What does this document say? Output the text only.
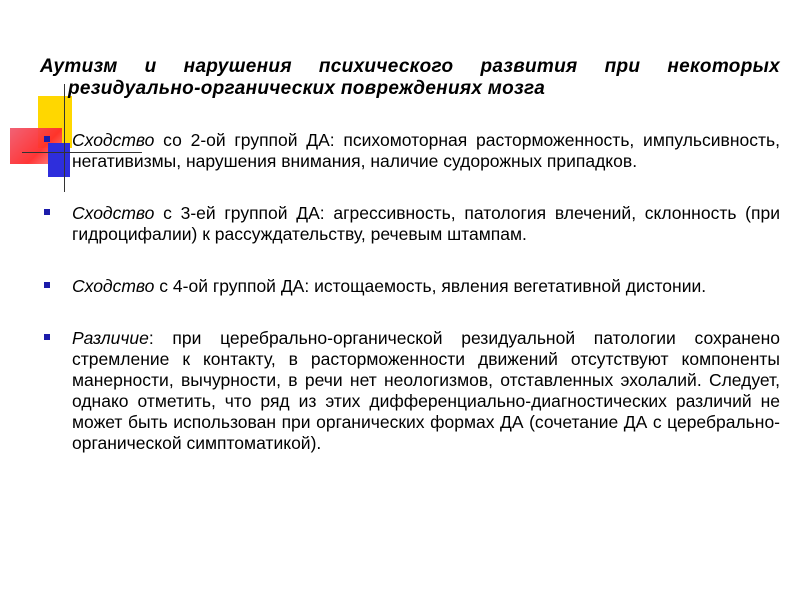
Аутизм и нарушения психического развития при некоторых
резидуально-органических повреждениях мозга
Сходство со 2-ой группой ДА: психомоторная расторможенность, импульсивность, негативизмы, нарушения внимания, наличие судорожных припадков.
Сходство с 3-ей группой ДА: агрессивность, патология влечений, склонность (при гидроцифалии) к рассуждательству, речевым штампам.
Сходство с 4-ой группой ДА: истощаемость, явления вегетативной дистонии.
Различие: при церебрально-органической резидуальной патологии сохранено стремление к контакту, в расторможенности движений отсутствуют компоненты манерности, вычурности, в речи нет неологизмов, отставленных эхолалий. Следует, однако отметить, что ряд из этих дифференциально-диагностических различий не может быть использован при органических формах ДА (сочетание ДА с церебрально-органической симптоматикой).
